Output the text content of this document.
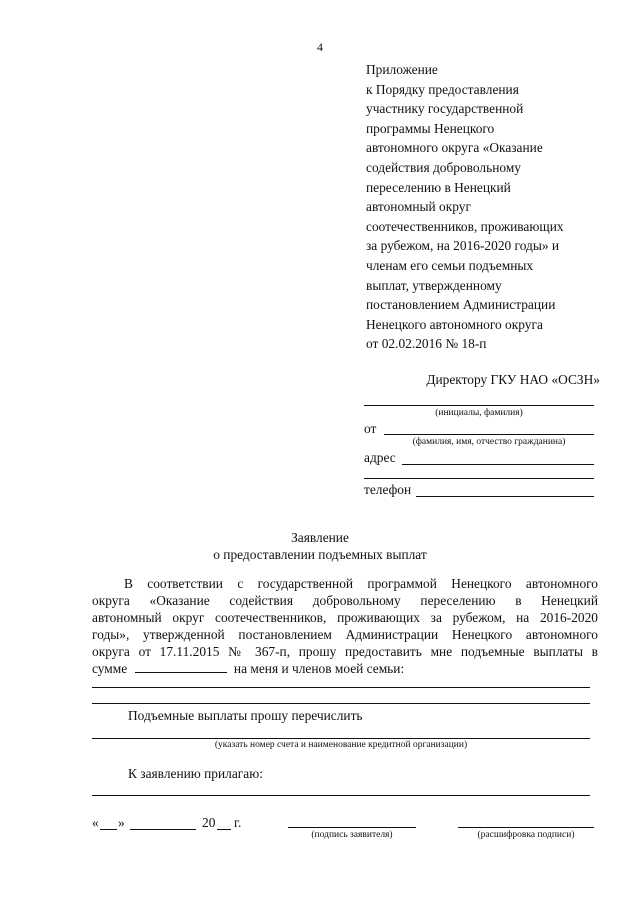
4
Приложение
к Порядку предоставления
участнику государственной
программы Ненецкого
автономного округа «Оказание
содействия добровольному
переселению в Ненецкий
автономный округ
соотечественников, проживающих
за рубежом, на 2016-2020 годы» и
членам его семьи подъемных
выплат, утвержденному
постановлением Администрации
Ненецкого автономного округа
от 02.02.2016 № 18-п
Директору ГКУ НАО «ОСЗН»
(инициалы, фамилия)
от
(фамилия, имя, отчество гражданина)
адрес
телефон
Заявление
о предоставлении подъемных выплат
В соответствии с государственной программой Ненецкого автономного
округа «Оказание содействия добровольному переселению в Ненецкий
автономный округ соотечественников, проживающих за рубежом, на 2016-2020
годы», утвержденной постановлением Администрации Ненецкого автономного
округа от 17.11.2015 № 367-п, прошу предоставить мне подъемные выплаты в
сумме	на меня и членов моей семьи:
Подъемные выплаты прошу перечислить
(указать номер счета и наименование кредитной организации)
К заявлению прилагаю:
« »	20 г.
(подпись заявителя)	(расшифровка подписи)
